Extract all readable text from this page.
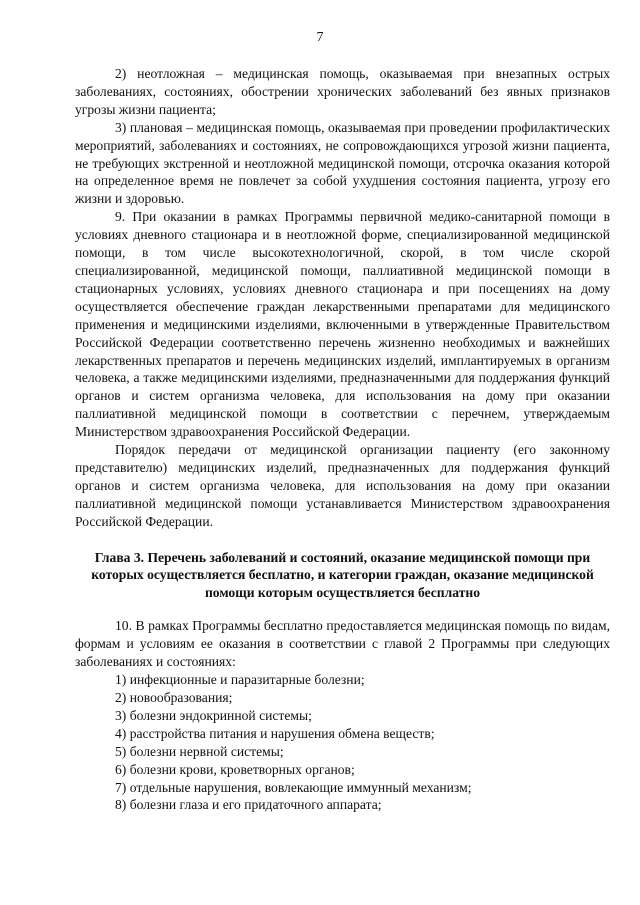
7

2) неотложная – медицинская помощь, оказываемая при внезапных острых заболеваниях, состояниях, обострении хронических заболеваний без явных признаков угрозы жизни пациента;

3) плановая – медицинская помощь, оказываемая при проведении профилактических мероприятий, заболеваниях и состояниях, не сопровождающихся угрозой жизни пациента, не требующих экстренной и неотложной медицинской помощи, отсрочка оказания которой на определенное время не повлечет за собой ухудшения состояния пациента, угрозу его жизни и здоровью.

9. При оказании в рамках Программы первичной медико-санитарной помощи в условиях дневного стационара и в неотложной форме, специализированной медицинской помощи, в том числе высокотехнологичной, скорой, в том числе скорой специализированной, медицинской помощи, паллиативной медицинской помощи в стационарных условиях, условиях дневного стационара и при посещениях на дому осуществляется обеспечение граждан лекарственными препаратами для медицинского применения и медицинскими изделиями, включенными в утвержденные Правительством Российской Федерации соответственно перечень жизненно необходимых и важнейших лекарственных препаратов и перечень медицинских изделий, имплантируемых в организм человека, а также медицинскими изделиями, предназначенными для поддержания функций органов и систем организма человека, для использования на дому при оказании паллиативной медицинской помощи в соответствии с перечнем, утверждаемым Министерством здравоохранения Российской Федерации.

Порядок передачи от медицинской организации пациенту (его законному представителю) медицинских изделий, предназначенных для поддержания функций органов и систем организма человека, для использования на дому при оказании паллиативной медицинской помощи устанавливается Министерством здравоохранения Российской Федерации.

Глава 3. Перечень заболеваний и состояний, оказание медицинской помощи при которых осуществляется бесплатно, и категории граждан, оказание медицинской помощи которым осуществляется бесплатно

10. В рамках Программы бесплатно предоставляется медицинская помощь по видам, формам и условиям ее оказания в соответствии с главой 2 Программы при следующих заболеваниях и состояниях:

1) инфекционные и паразитарные болезни;
2) новообразования;
3) болезни эндокринной системы;
4) расстройства питания и нарушения обмена веществ;
5) болезни нервной системы;
6) болезни крови, кроветворных органов;
7) отдельные нарушения, вовлекающие иммунный механизм;
8) болезни глаза и его придаточного аппарата;
